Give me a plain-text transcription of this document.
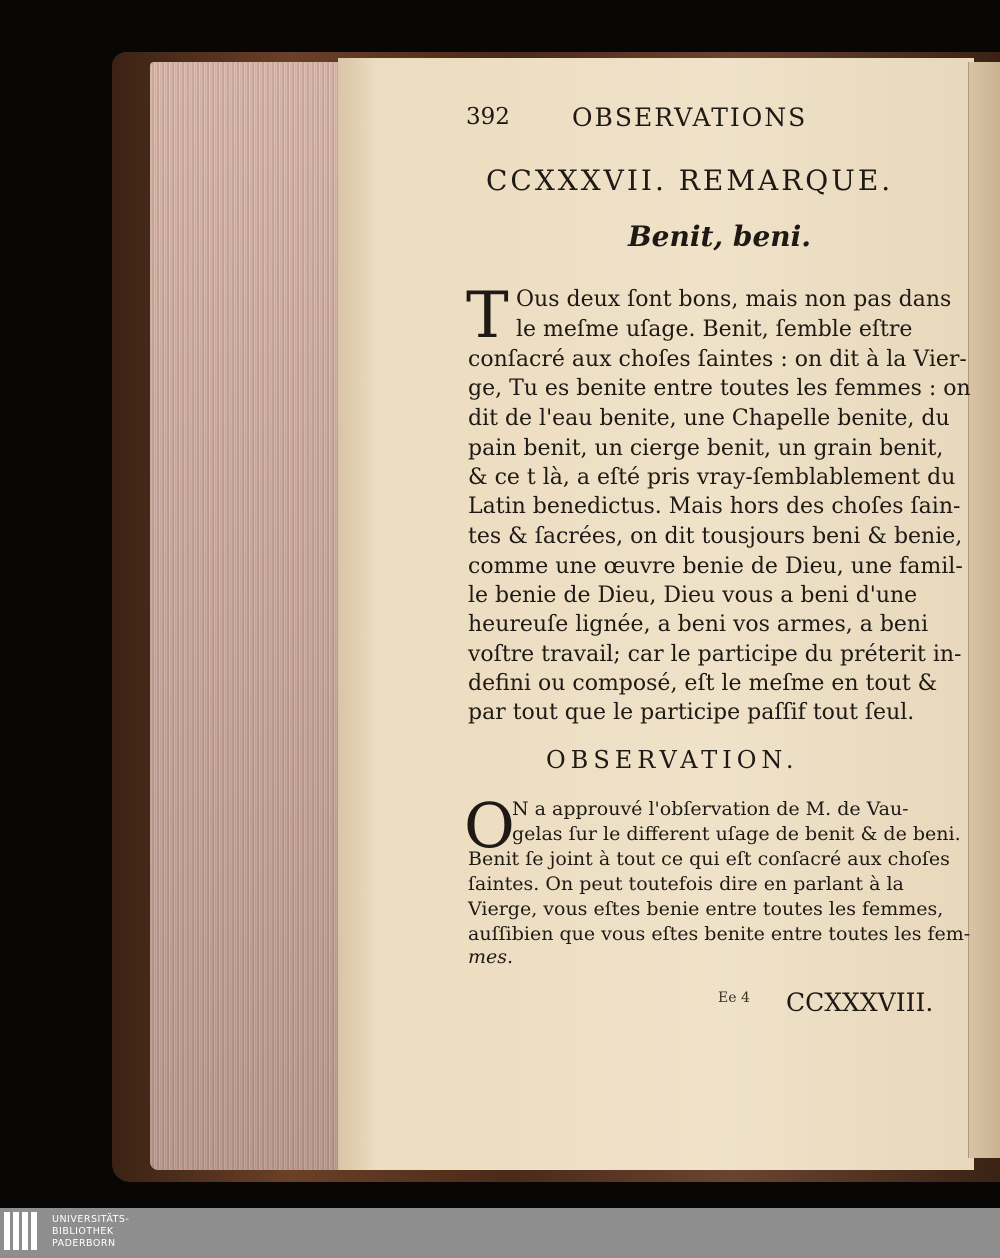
392 OBSERVATIONS
CCXXXVII. REMARQUE.
Benit, beni.
T Ous deux ſont bons, mais non pas dans
le meſme uſage. Benit, ſemble eſtre
conſacré aux choſes ſaintes : on dit à la Vier-
ge, Tu es benite entre toutes les femmes : on
dit de l'eau benite, une Chapelle benite, du
pain benit, un cierge benit, un grain benit,
& ce t là, a eſté pris vray-ſemblablement du
Latin benedictus. Mais hors des choſes ſain-
tes & ſacrées, on dit tousjours beni & benie,
comme une œuvre benie de Dieu, une famil-
le benie de Dieu, Dieu vous a beni d'une
heureuſe lignée, a beni vos armes, a beni
voſtre travail; car le participe du préterit in-
defini ou composé, eſt le meſme en tout &
par tout que le participe paſſif tout ſeul.
OBSERVATION.
O
N a approuvé l'obſervation de M. de Vau-
gelas ſur le different uſage de benit & de beni.
Benit ſe joint à tout ce qui eſt conſacré aux choſes
ſaintes. On peut toutefois dire en parlant à la
Vierge, vous eſtes benie entre toutes les femmes,
auſſibien que vous eſtes benite entre toutes les fem-
mes.
Ee 4 CCXXXVIII.
UNIVERSITÄTS-
BIBLIOTHEK
PADERBORN
